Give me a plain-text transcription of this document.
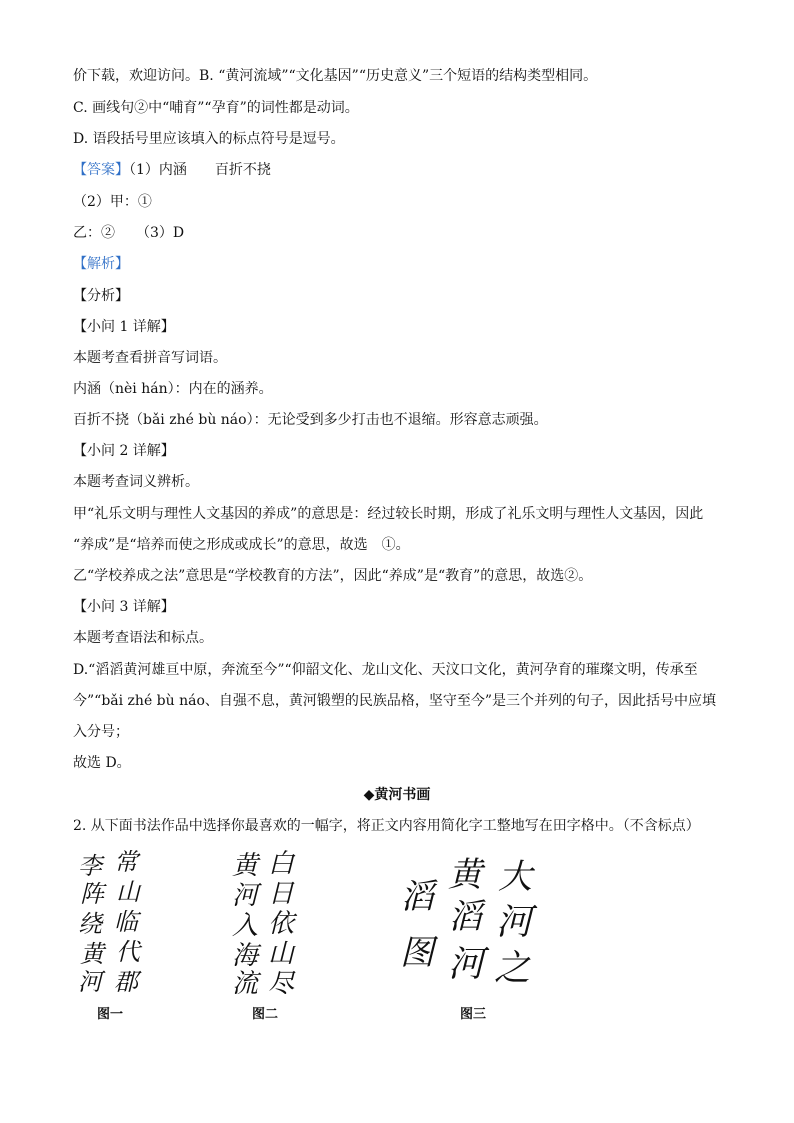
价下载，欢迎访问。B. “黄河流域”“文化基因”“历史意义”三个短语的结构类型相同。
C. 画线句②中“哺育”“孕育”的词性都是动词。
D. 语段括号里应该填入的标点符号是逗号。
【答案】（1）内涵　　百折不挠
（2）甲：①
乙：②　　（3）D
【解析】
【分析】
【小问 1 详解】
本题考查看拼音写词语。
内涵（nèi hán）：内在的涵养。
百折不挠（bǎi zhé bù náo）：无论受到多少打击也不退缩。形容意志顽强。
【小问 2 详解】
本题考查词义辨析。
甲“礼乐文明与理性人文基因的养成”的意思是：经过较长时期，形成了礼乐文明与理性人文基因，因此
“养成”是“培养而使之形成或成长”的意思，故选　①。
乙“学校养成之法”意思是“学校教育的方法”，因此“养成”是“教育”的意思，故选②。
【小问 3 详解】
本题考查语法和标点。
D.“滔滔黄河雄亘中原，奔流至今”“仰韶文化、龙山文化、天汶口文化，黄河孕育的璀璨文明，传承至
今”“bǎi zhé bù náo、自强不息，黄河锻塑的民族品格，坚守至今”是三个并列的句子，因此括号中应填
入分号；
故选 D。
◆黄河书画
2. 从下面书法作品中选择你最喜欢的一幅字，将正文内容用简化字工整地写在田字格中。（不含标点）
李
阵
绕
黄
河
常
山
临
代
郡
图一
黄
河
入
海
流
白
日
依
山
尽
图二
大
河
之
黄
滔
河
滔
图
图三
